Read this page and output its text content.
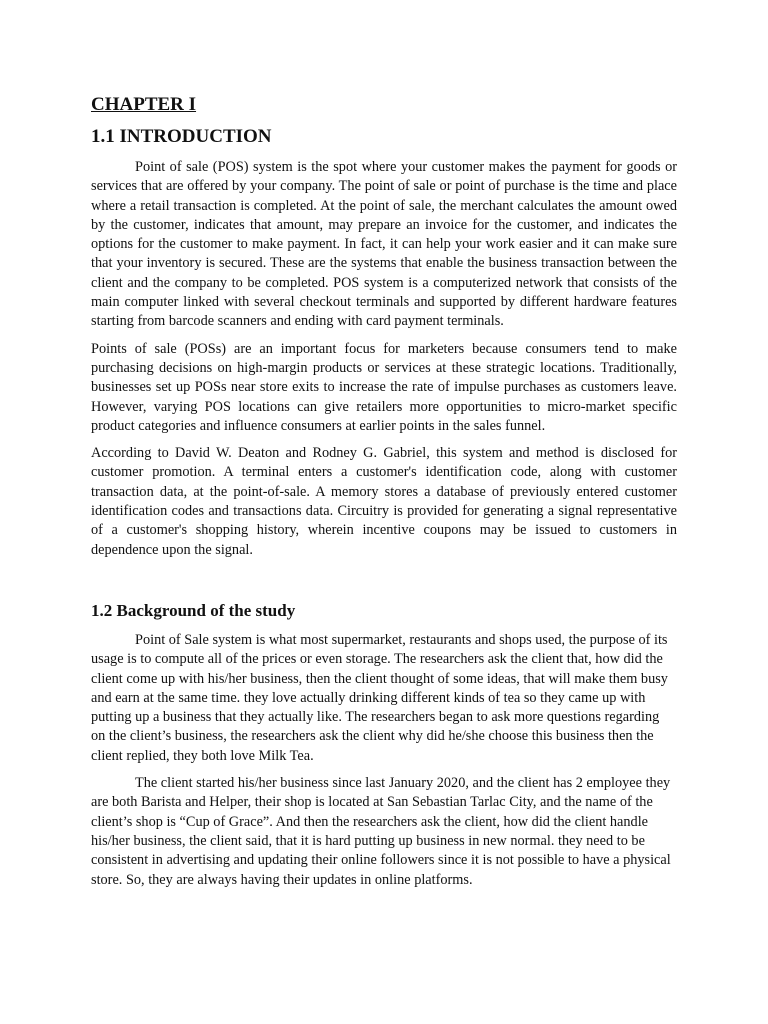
CHAPTER I
1.1 INTRODUCTION

Point of sale (POS) system is the spot where your customer makes the payment for goods or services that are offered by your company. The point of sale or point of purchase is the time and place where a retail transaction is completed. At the point of sale, the merchant calculates the amount owed by the customer, indicates that amount, may prepare an invoice for the customer, and indicates the options for the customer to make payment. In fact, it can help your work easier and it can make sure that your inventory is secured. These are the systems that enable the business transaction between the client and the company to be completed. POS system is a computerized network that consists of the main computer linked with several checkout terminals and supported by different hardware features starting from barcode scanners and ending with card payment terminals.

Points of sale (POSs) are an important focus for marketers because consumers tend to make purchasing decisions on high-margin products or services at these strategic locations. Traditionally, businesses set up POSs near store exits to increase the rate of impulse purchases as customers leave. However, varying POS locations can give retailers more opportunities to micro-market specific product categories and influence consumers at earlier points in the sales funnel.

According to David W. Deaton and Rodney G. Gabriel, this system and method is disclosed for customer promotion. A terminal enters a customer's identification code, along with customer transaction data, at the point-of-sale. A memory stores a database of previously entered customer identification codes and transactions data. Circuitry is provided for generating a signal representative of a customer's shopping history, wherein incentive coupons may be issued to customers in dependence upon the signal.

1.2 Background of the study

Point of Sale system is what most supermarket, restaurants and shops used, the purpose of its usage is to compute all of the prices or even storage. The researchers ask the client that, how did the client come up with his/her business, then the client thought of some ideas, that will make them busy and earn at the same time. they love actually drinking different kinds of tea so they came up with putting up a business that they actually like. The researchers began to ask more questions regarding on the client’s business, the researchers ask the client why did he/she choose this business then the client replied, they both love Milk Tea.

The client started his/her business since last January 2020, and the client has 2 employee they are both Barista and Helper, their shop is located at San Sebastian Tarlac City, and the name of the client’s shop is “Cup of Grace”. And then the researchers ask the client, how did the client handle his/her business, the client said, that it is hard putting up business in new normal. they need to be consistent in advertising and updating their online followers since it is not possible to have a physical store. So, they are always having their updates in online platforms.
